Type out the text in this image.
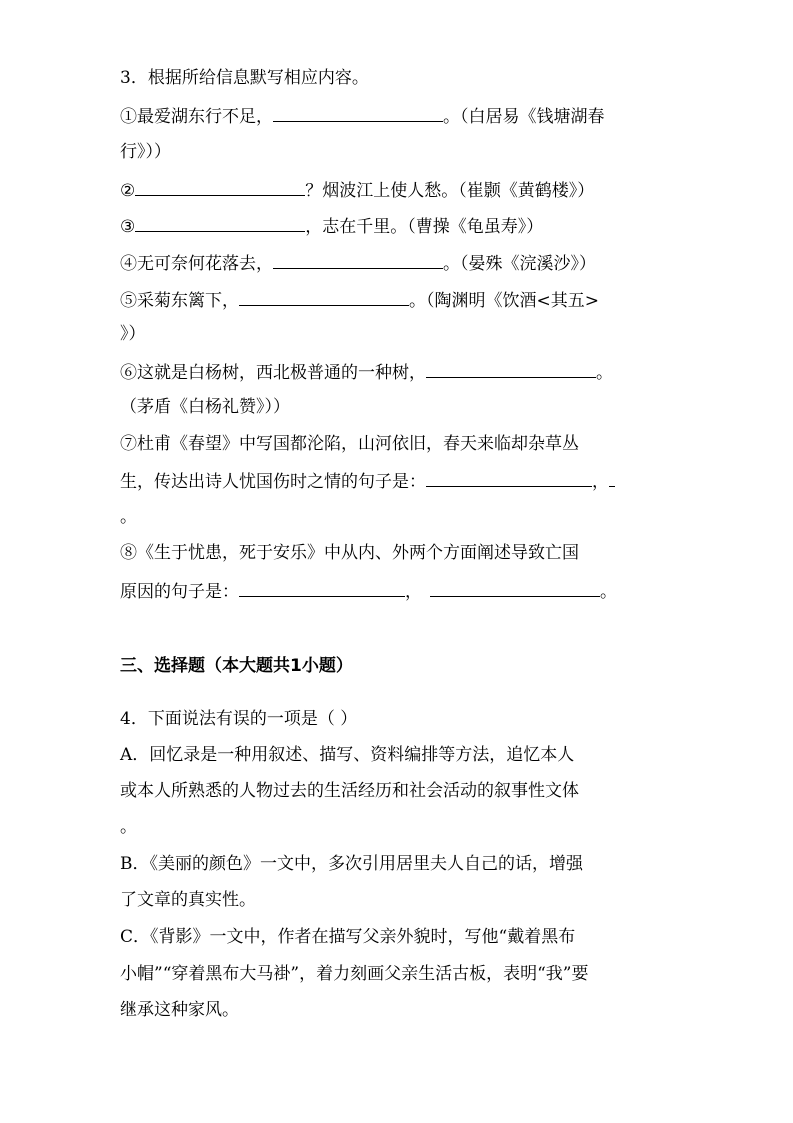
3．根据所给信息默写相应内容。
①最爱湖东行不足，	。（白居易《钱塘湖春
行》））
②	？烟波江上使人愁。（崔颢《黄鹤楼》）
③	，志在千里。（曹操《龟虽寿》）
④无可奈何花落去，	。（晏殊《浣溪沙》）
⑤采菊东篱下，	。（陶渊明《饮酒<其五>
》）
⑥这就是白杨树，西北极普通的一种树，	。
（茅盾《白杨礼赞》））
⑦杜甫《春望》中写国都沦陷，山河依旧，春天来临却杂草丛
生，传达出诗人忧国伤时之情的句子是：	，
。
⑧《生于忧患，死于安乐》中从内、外两个方面阐述导致亡国
原因的句子是：	，	。
三、选择题（本大题共1小题）
4．下面说法有误的一项是（ ）
A．回忆录是一种用叙述、描写、资料编排等方法，追忆本人
或本人所熟悉的人物过去的生活经历和社会活动的叙事性文体
。
B．《美丽的颜色》一文中，多次引用居里夫人自己的话，增强
了文章的真实性。
C．《背影》一文中，作者在描写父亲外貌时，写他“戴着黑布
小帽”“穿着黑布大马褂”，着力刻画父亲生活古板，表明“我”要
继承这种家风。
